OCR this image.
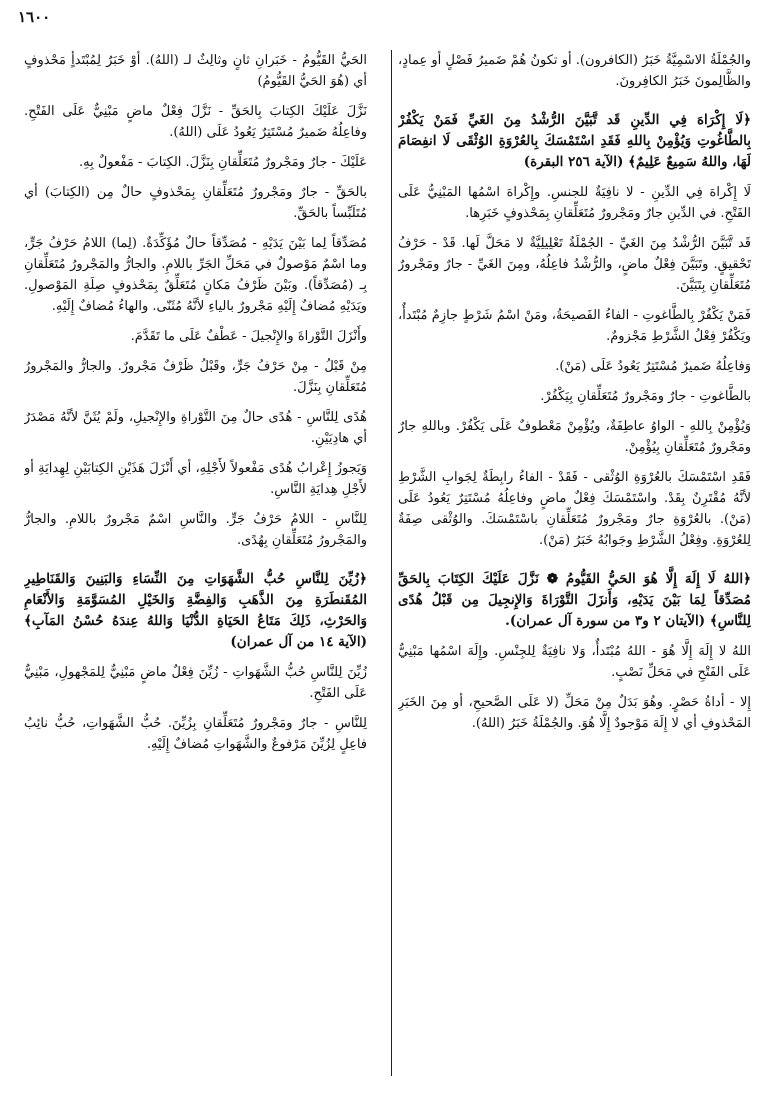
١٦٠٠

والجُمْلَةُ الاسْمِيَّةُ خَبَرُ (الكافرون). أو تكونُ هُمْ ضَميرُ فَصْلٍ أو عِمادٍ، والظَّالِمونَ خَبَرُ الكافِرونَ.

﴿لَا إِكْرَاهَ فِي الدِّينِ قَد تَّبَيَّنَ الرُّشْدُ مِنَ الغَيِّ فَمَنْ يَكْفُرْ بِالطَّاغُوتِ وَيُؤْمِنْ بِاللهِ فَقَدِ اسْتَمْسَكَ بِالعُرْوَةِ الوُثْقَى لَا انفِصَامَ لَهَا، واللهُ سَمِيعٌ عَلِيمٌ﴾ (الآية ٢٥٦ البقرة)

لَا إِكْراهَ فِي الدِّينِ - لا نافِيَةٌ للجنسِ. وإِكْراهَ اسْمُها المَبْنِيُّ عَلَى الفَتْحِ. في الدِّينِ جارٌ ومَجْرورٌ مُتَعَلِّقانِ بِمَحْذوفٍ خَبَرِها.

قَد تَّبَيَّنَ الرُّشْدُ مِنَ الغَيِّ - الجُمْلَةُ تَعْلِيلِيَّةٌ لا مَحَلَّ لَها. قَدْ - حَرْفُ تَحْقيقٍ. وتَبَيَّنَ فِعْلٌ ماضٍ، والرُّشْدُ فاعِلُهُ، ومِنَ الغَيِّ - جارٌ ومَجْرورٌ مُتَعَلِّقانِ بِتَبَيَّنَ.

فَمَنْ يَكْفُرْ بِالطَّاغوتِ - الفاءُ الفَصيحَةُ، ومَنْ اسْمُ شَرْطٍ جازِمٌ مُبْتَدأٌ، ويَكْفُرْ فِعْلُ الشَّرْطِ مَجْزومٌ.

وَفاعِلُهُ ضَميرٌ مُسْتَتِرٌ يَعُودُ عَلَى (مَنْ).

بالطَّاغوتِ - جارٌ ومَجْرورٌ مُتَعَلِّقانِ بِيَكْفُرْ.

وَيُؤْمِنْ بِاللهِ - الواوُ عاطِفَةٌ، ويُؤْمِنْ مَعْطوفٌ عَلَى يَكْفُرْ. وباللهِ جارٌ ومَجْرورٌ مُتَعَلِّقانِ بِيُؤْمِنْ.

فَقَدِ اسْتَمْسَكَ بالعُرْوَةِ الوُثْقى - فَقَدْ - الفاءُ رابِطَةٌ لِجَوابِ الشَّرْطِ لأنَّهُ مُقْتَرِنٌ بِقَدْ. واسْتَمْسَكَ فِعْلٌ ماضٍ وفاعِلُهُ مُسْتَتِرٌ يَعُودُ عَلَى (مَنْ). بالعُرْوَةِ جارٌ ومَجْرورٌ مُتَعَلِّقانِ باسْتَمْسَكَ. والوُثْقى صِفَةٌ لِلعُرْوَةِ. وفِعْلُ الشَّرْطِ وجَوابُهُ خَبَرُ (مَنْ).

﴿اللهُ لَا إِلَهَ إِلَّا هُوَ الحَيُّ القَيُّومُ ❁ نَزَّلَ عَلَيْكَ الكِتَابَ بِالحَقِّ مُصَدِّقاً لِمَا بَيْنَ يَدَيْهِ، وَأَنزَلَ التَّوْرَاةَ وَالإِنجِيلَ مِن قَبْلُ هُدًى لِلنَّاسِ﴾ (الآيتان ٢ و٣ من سورة آل عمران).

اللهُ لا إِلَهَ إِلَّا هُوَ - اللهُ مُبْتَدأٌ، وَلا نافِيَةٌ لِلجِنْسِ. وإِلَهَ اسْمُها مَبْنِيٌّ عَلَى الفَتْحِ في مَحَلِّ نَصْبٍ.

إِلا - أداةُ حَصْرٍ. وهُوَ بَدَلٌ مِنْ مَحَلِّ (لا عَلَى الصَّحيحِ، أو مِنَ الخَبَرِ المَحْذوفِ أي لا إِلَهَ مَوْجودٌ إِلَّا هُوَ. والجُمْلَةُ خَبَرُ (اللهُ).

الحَيُّ القَيُّومُ - خَبَرانِ ثانٍ وثالِثٌ لـ (اللهُ). أوْ خَبَرٌ لِمُبْتَدأٍ مَحْذوفٍ أي (هُوَ الحَيُّ القَيُّومُ)

نَزَّلَ عَلَيْكَ الكِتابَ بِالحَقِّ - نَزَّلَ فِعْلٌ ماضٍ مَبْنِيٌّ عَلَى الفَتْحِ. وفاعِلُهُ ضَميرٌ مُسْتَتِرٌ يَعُودُ عَلَى (اللهُ).

عَلَيْكَ - جارٌ ومَجْرورٌ مُتَعَلِّقانِ بِنَزَّلَ. الكِتابَ - مَفْعولٌ بِهِ.

بالحَقِّ - جارٌ ومَجْرورٌ مُتَعَلِّقانِ بِمَحْذوفٍ حالٌ مِن (الكِتابَ) أي مُتَلَبِّساً بالحَقِّ.

مُصَدِّقاً لِما بَيْنَ يَدَيْهِ - مُصَدِّقاً حالٌ مُؤَكِّدَةٌ. (لِما) اللامُ حَرْفُ جَرٍّ، وما اسْمٌ مَوْصولٌ في مَحَلِّ الجَرِّ باللامِ. والجارُّ والمَجْرورُ مُتَعَلِّقانِ بِـ (مُصَدِّقاً). وبَيْنَ ظَرْفُ مَكانٍ مُتَعَلِّقٌ بِمَحْذوفٍ صِلَةِ المَوْصولِ. ويَدَيْهِ مُضافٌ إِلَيْهِ مَجْرورٌ بالياءِ لأنَّهُ مُثَنّى. والهاءُ مُضافٌ إِلَيْهِ.

وأَنْزَلَ التَّوْراةَ والإِنْجيلَ - عَطْفٌ عَلَى ما تَقَدَّمَ.

مِنْ قَبْلُ - مِنْ حَرْفُ جَرٍّ، وقَبْلُ ظَرْفٌ مَجْرورٌ. والجارُّ والمَجْرورُ مُتَعَلِّقانِ بِنَزَّلَ.

هُدًى لِلنَّاسِ - هُدًى حالٌ مِنَ التَّوْراةِ والإِنْجيلِ، ولَمْ يُثَنَّ لأنَّهُ مَصْدَرٌ أي هادِيَيْنِ.

وَيَجوزُ إِعْرابُ هُدًى مَفْعولاً لأَجْلِهِ، أي أَنْزَلَ هَذَيْنِ الكِتابَيْنِ لِهِدايَةِ أو لأَجْلِ هِدايَةِ النَّاسِ.

لِلنَّاسِ - اللامُ حَرْفُ جَرٍّ. والنَّاسِ اسْمٌ مَجْرورٌ باللامِ. والجارُّ والمَجْرورُ مُتَعَلِّقانِ بِهُدًى.

﴿زُيِّنَ لِلنَّاسِ حُبُّ الشَّهَوَاتِ مِنَ النِّسَاءِ وَالبَنِينَ وَالقَنَاطِيرِ المُقَنطَرَةِ مِنَ الذَّهَبِ وَالفِضَّةِ وَالخَيْلِ المُسَوَّمَةِ وَالأَنْعَامِ وَالحَرْثِ، ذَلِكَ مَتَاعُ الحَيَاةِ الدُّنْيَا وَاللهُ عِندَهُ حُسْنُ المَآبِ﴾ (الآية ١٤ من آل عمران)

زُيِّنَ لِلنَّاسِ حُبُّ الشَّهَواتِ - زُيِّنَ فِعْلٌ ماضٍ مَبْنِيٌّ لِلمَجْهولِ، مَبْنِيٌّ عَلَى الفَتْحِ.

لِلنَّاسِ - جارٌ ومَجْرورٌ مُتَعَلِّقانِ بِزُيِّنَ. حُبُّ الشَّهَواتِ، حُبُّ نائِبُ فاعِلٍ لِزُيِّنَ مَرْفوعٌ والشَّهَواتِ مُضافٌ إِلَيْهِ.
